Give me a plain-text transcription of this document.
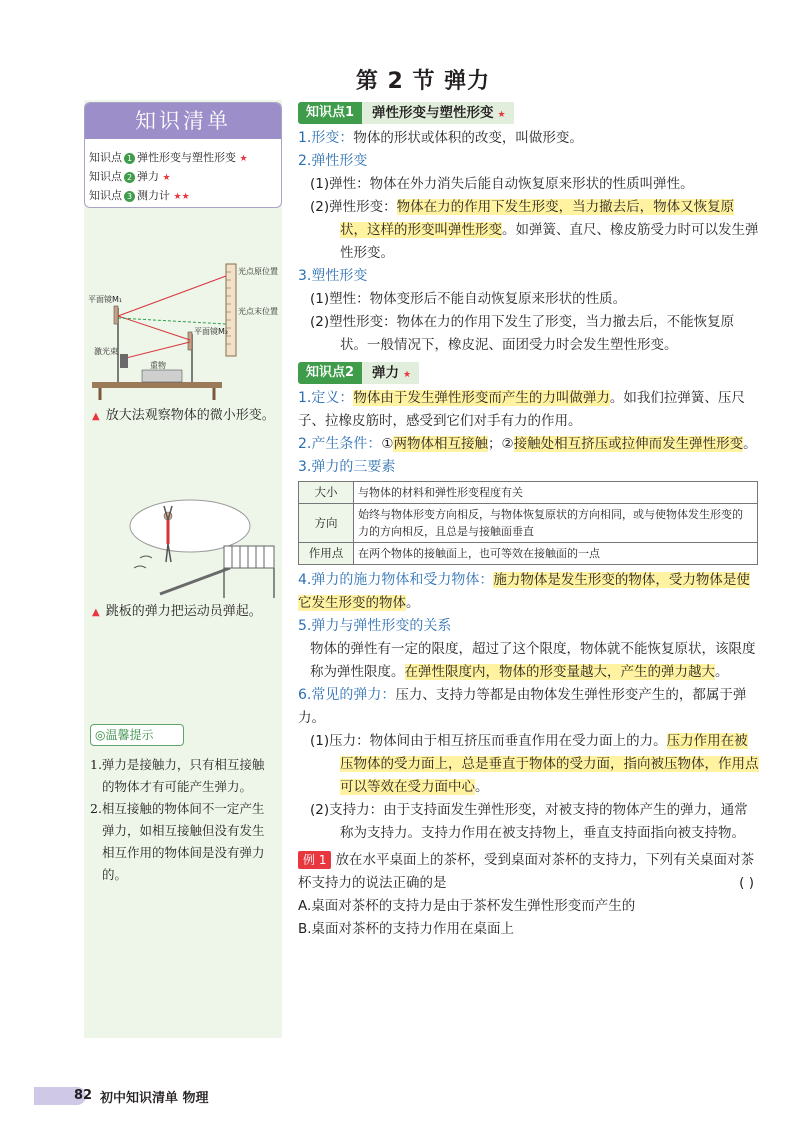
第 2 节 弹力
知识清单
知识点 1 弹性形变与塑性形变 ★
知识点 2 弹力 ★
知识点 3 测力计 ★★
光点原位置
光点末位置
平面镜M₁
激光束
平面镜M₂
重物
▲ 放大法观察物体的微小形变。
▲ 跳板的弹力把运动员弹起。
◎温馨提示
1.弹力是接触力，只有相互接触的物体才有可能产生弹力。
2.相互接触的物体间不一定产生弹力，如相互接触但没有发生相互作用的物体间是没有弹力的。
知识点1	弹性形变与塑性形变 ★
1.形变：物体的形状或体积的改变，叫做形变。
2.弹性形变
(1)弹性：物体在外力消失后能自动恢复原来形状的性质叫弹性。
(2)弹性形变：物体在力的作用下发生形变，当力撤去后，物体又恢复原状，这样的形变叫弹性形变。如弹簧、直尺、橡皮筋受力时可以发生弹性形变。
3.塑性形变
(1)塑性：物体变形后不能自动恢复原来形状的性质。
(2)塑性形变：物体在力的作用下发生了形变，当力撤去后，不能恢复原状。一般情况下，橡皮泥、面团受力时会发生塑性形变。
知识点2	弹力 ★
1.定义：物体由于发生弹性形变而产生的力叫做弹力。如我们拉弹簧、压尺子、拉橡皮筋时，感受到它们对手有力的作用。
2.产生条件：①两物体相互接触；②接触处相互挤压或拉伸而发生弹性形变。
3.弹力的三要素
大小	与物体的材料和弹性形变程度有关
方向	始终与物体形变方向相反，与物体恢复原状的方向相同，或与使物体发生形变的力的方向相反，且总是与接触面垂直
作用点	在两个物体的接触面上，也可等效在接触面的一点
4.弹力的施力物体和受力物体：施力物体是发生形变的物体，受力物体是使它发生形变的物体。
5.弹力与弹性形变的关系
物体的弹性有一定的限度，超过了这个限度，物体就不能恢复原状，该限度称为弹性限度。在弹性限度内，物体的形变量越大，产生的弹力越大。
6.常见的弹力：压力、支持力等都是由物体发生弹性形变产生的，都属于弹力。
(1)压力：物体间由于相互挤压而垂直作用在受力面上的力。压力作用在被压物体的受力面上，总是垂直于物体的受力面，指向被压物体，作用点可以等效在受力面中心。
(2)支持力：由于支持面发生弹性形变，对被支持的物体产生的弹力，通常称为支持力。支持力作用在被支持物上，垂直支持面指向被支持物。
例 1 放在水平桌面上的茶杯，受到桌面对茶杯的支持力，下列有关桌面对茶杯支持力的说法正确的是	( )
A.桌面对茶杯的支持力是由于茶杯发生弹性形变而产生的
B.桌面对茶杯的支持力作用在桌面上
82 初中知识清单 物理
